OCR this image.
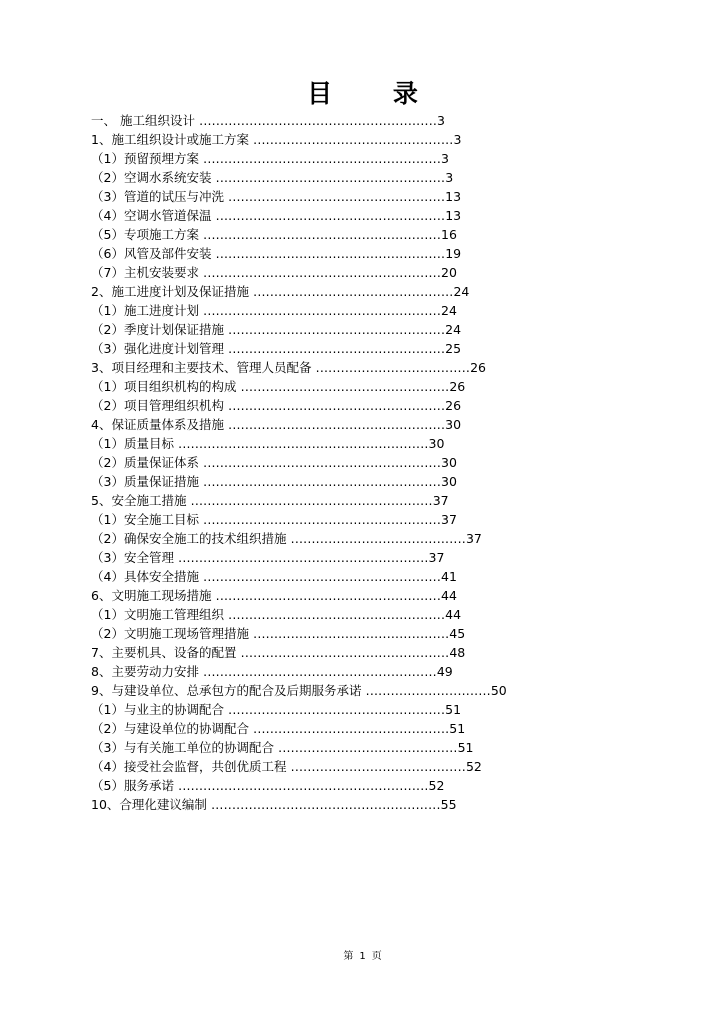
目 录
一、 施工组织设计 .........................................................3
1、施工组织设计或施工方案 ................................................3
（1）预留预埋方案 .........................................................3
（2）空调水系统安装 .......................................................3
（3）管道的试压与冲洗 ....................................................13
（4）空调水管道保温 .......................................................13
（5）专项施工方案 .........................................................16
（6）风管及部件安装 .......................................................19
（7）主机安装要求 .........................................................20
2、施工进度计划及保证措施 ................................................24
（1）施工进度计划 .........................................................24
（2）季度计划保证措施 ....................................................24
（3）强化进度计划管理 ....................................................25
3、项目经理和主要技术、管理人员配备 .....................................26
（1）项目组织机构的构成 ..................................................26
（2）项目管理组织机构 ....................................................26
4、保证质量体系及措施 ....................................................30
（1）质量目标 ............................................................30
（2）质量保证体系 .........................................................30
（3）质量保证措施 .........................................................30
5、安全施工措施 ..........................................................37
（1）安全施工目标 .........................................................37
（2）确保安全施工的技术组织措施 ..........................................37
（3）安全管理 ............................................................37
（4）具体安全措施 .........................................................41
6、文明施工现场措施 ......................................................44
（1）文明施工管理组织 ....................................................44
（2）文明施工现场管理措施 ...............................................45
7、主要机具、设备的配置 ..................................................48
8、主要劳动力安排 ........................................................49
9、与建设单位、总承包方的配合及后期服务承诺 ..............................50
（1）与业主的协调配合 ....................................................51
（2）与建设单位的协调配合 ...............................................51
（3）与有关施工单位的协调配合 ...........................................51
（4）接受社会监督，共创优质工程 ..........................................52
（5）服务承诺 ............................................................52
10、合理化建议编制 .......................................................55
第 1 页
